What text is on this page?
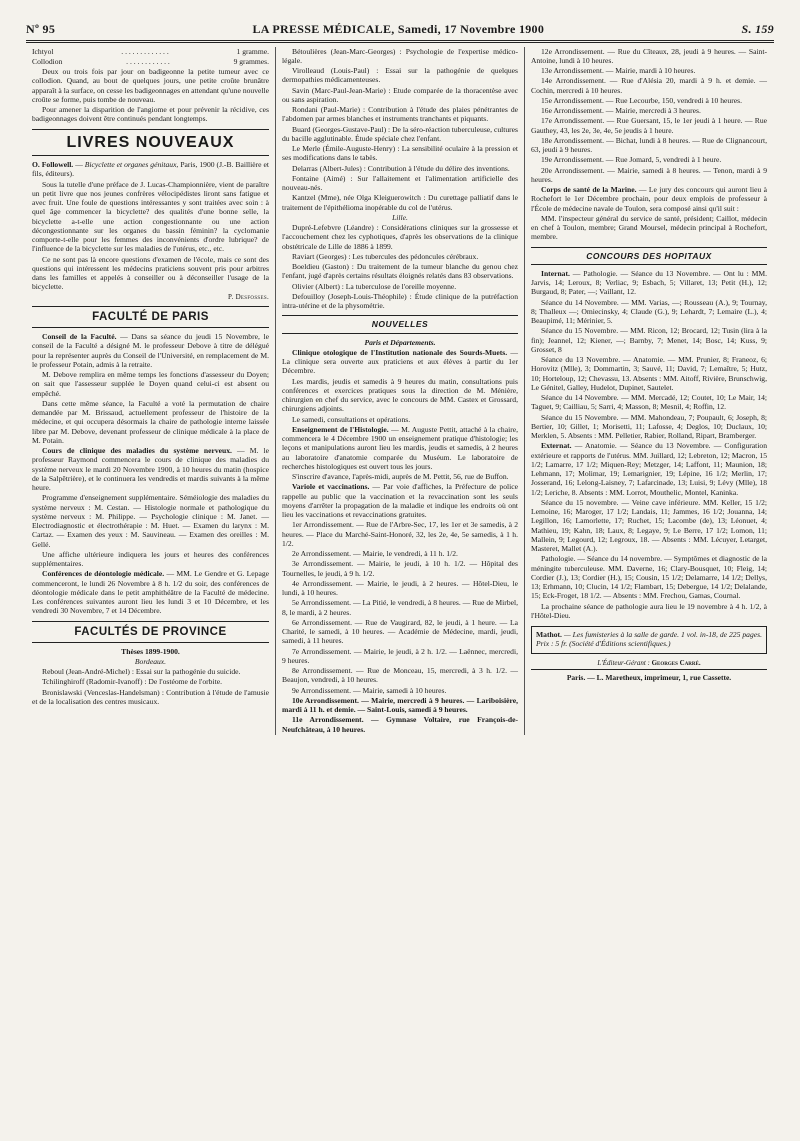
Nº 95	LA PRESSE MÉDICALE, Samedi, 17 Novembre 1900	S. 159

Ichtyol	. . . . . . . . . . . . .	1 gramme.

Collodion	. . . . . . . . . . . .	9 grammes.

Deux ou trois fois par jour on badigeonne la petite tumeur avec ce collodion. Quand, au bout de quelques jours, une petite croûte brunâtre apparaît à la surface, on cesse les badigeonnages en attendant qu'une nouvelle croûte se forme, puis tombe de nouveau.

Pour amener la disparition de l'angiome et pour prévenir la récidive, ces badigeonnages doivent être continués pendant longtemps.

LIVRES NOUVEAUX

O. Followell. — Bicyclette et organes génitaux, Paris, 1900 (J.-B. Baillière et fils, éditeurs).

Sous la tutelle d'une préface de J. Lucas-Championnière, vient de paraître un petit livre que nos jeunes confrères vélocipédistes liront sans fatigue et avec fruit. Une foule de questions intéressantes y sont traitées avec soin : à quel âge commencer la bicyclette? des qualités d'une bonne selle, la bicyclette a-t-elle une action congestionnante ou une action décongestionnante sur les organes du bassin féminin? la cyclomanie comporte-t-elle pour les femmes des inconvénients d'ordre lubrique? de l'influence de la bicyclette sur les maladies de l'utérus, etc., etc.

Ce ne sont pas là encore questions d'examen de l'école, mais ce sont des questions qui intéressent les médecins praticiens souvent pris pour arbitres dans les familles et appelés à conseiller ou à déconseiller l'usage de la bicyclette.

P. Desfosses.
FACULTÉ DE PARIS

Conseil de la Faculté. — Dans sa séance du jeudi 15 Novembre, le conseil de la Faculté a désigné M. le professeur Debove à titre de délégué pour la représenter auprès du Conseil de l'Université, en remplacement de M. le professeur Potain, admis à la retraite.

M. Debove remplira en même temps les fonctions d'assesseur du Doyen; on sait que l'assesseur supplée le Doyen quand celui-ci est absent ou empêché.

Dans cette même séance, la Faculté a voté la permutation de chaire demandée par M. Brissaud, actuellement professeur de l'histoire de la médecine, et qui occupera désormais la chaire de pathologie interne laissée libre par M. Debove, devenant professeur de clinique médicale à la place de M. Potain.

Cours de clinique des maladies du système nerveux. — M. le professeur Raymond commencera le cours de clinique des maladies du système nerveux le mardi 20 Novembre 1900, à 10 heures du matin (hospice de la Salpêtrière), et le continuera les vendredis et mardis suivants à la même heure.

Programme d'enseignement supplémentaire. Séméiologie des maladies du système nerveux : M. Cestan. — Histologie normale et pathologique du système nerveux : M. Philippe. — Psychologie clinique : M. Janet. — Electrodiagnostic et électrothérapie : M. Huet. — Examen du larynx : M. Cartaz. — Examen des yeux : M. Sauvineau. — Examen des oreilles : M. Gellé.

Une affiche ultérieure indiquera les jours et heures des conférences supplémentaires.

Conférences de déontologie médicale. — MM. Le Gendre et G. Lepage commenceront, le lundi 26 Novembre à 8 h. 1/2 du soir, des conférences de déontologie médicale dans le petit amphithéâtre de la Faculté de médecine. Les conférences suivantes auront lieu les lundi 3 et 10 Décembre, et les vendredi 30 Novembre, 7 et 14 Décembre.

FACULTÉS DE PROVINCE
Thèses 1899-1900.
Bordeaux.

Reboul (Jean-André-Michel) : Essai sur la pathogénie du suicide.

Tchilinghiroff (Radomir-Ivanoff) : De l'ostéome de l'orbite.

Bronislawski (Venceslas-Handelsman) : Contribution à l'étude de l'amusie et de la localisation des centres musicaux.

Bétoulières (Jean-Marc-Georges) : Psychologie de l'expertise médico-légale.

Virolleaud (Louis-Paul) : Essai sur la pathogénie de quelques dermopathies médicamenteuses.

Savin (Marc-Paul-Jean-Marie) : Etude comparée de la thoracentèse avec ou sans aspiration.

Rondani (Paul-Marie) : Contribution à l'étude des plaies pénétrantes de l'abdomen par armes blanches et instruments tranchants et piquants.

Buard (Georges-Gustave-Paul) : De la séro-réaction tuberculeuse, cultures du bacille agglutinable. Étude spéciale chez l'enfant.

Le Merle (Émile-Auguste-Henry) : La sensibilité oculaire à la pression et ses modifications dans le tabès.

Delarras (Albert-Jules) : Contribution à l'étude du délire des inventions.

Fontaine (Aimé) : Sur l'allaitement et l'alimentation artificielle des nouveau-nés.

Kantzel (Mme), née Olga Kleiguerowitch : Du curettage palliatif dans le traitement de l'épithélioma inopérable du col de l'utérus.

Lille.

Dupré-Lefebvre (Léandre) : Considérations cliniques sur la grossesse et l'accouchement chez les cyphotiques, d'après les observations de la clinique obstétricale de Lille de 1886 à 1899.

Raviart (Georges) : Les tubercules des pédoncules cérébraux.

Boeldieu (Gaston) : Du traitement de la tumeur blanche du genou chez l'enfant, jugé d'après certains résultats éloignés relatés dans 83 observations.

Olivier (Albert) : La tuberculose de l'oreille moyenne.

Defouilloy (Joseph-Louis-Théophile) : Étude clinique de la putréfaction intra-utérine et de la physométrie.

NOUVELLES
Paris et Départements.

Clinique otologique de l'Institution nationale des Sourds-Muets. — La clinique sera ouverte aux praticiens et aux élèves à partir du 1er Décembre.

Les mardis, jeudis et samedis à 9 heures du matin, consultations puis conférences et exercices pratiques sous la direction de M. Ménière, chirurgien en chef du service, avec le concours de MM. Castex et Grossard, chirurgiens adjoints.

Le samedi, consultations et opérations.

Enseignement de l'Histologie. — M. Auguste Pettit, attaché à la chaire, commencera le 4 Décembre 1900 un enseignement pratique d'histologie; les leçons et manipulations auront lieu les mardis, jeudis et samedis, à 2 heures au laboratoire d'anatomie comparée du Muséum. Le laboratoire de recherches histologiques est ouvert tous les jours.

S'inscrire d'avance, l'après-midi, auprès de M. Pettit, 56, rue de Buffon.

Variole et vaccinations. — Par voie d'affiches, la Préfecture de police rappelle au public que la vaccination et la revaccination sont les seuls moyens d'arrêter la propagation de la maladie et indique les endroits où ont lieu les vaccinations et revaccinations gratuites.

1er Arrondissement. — Rue de l'Arbre-Sec, 17, les 1er et 3e samedis, à 2 heures. — Place du Marché-Saint-Honoré, 32, les 2e, 4e, 5e samedis, à 1 h. 1/2.

2e Arrondissement. — Mairie, le vendredi, à 11 h. 1/2.

3e Arrondissement. — Mairie, le jeudi, à 10 h. 1/2. — Hôpital des Tournelles, le jeudi, à 9 h. 1/2.

4e Arrondissement. — Mairie, le jeudi, à 2 heures. — Hôtel-Dieu, le lundi, à 10 heures.

5e Arrondissement. — La Pitié, le vendredi, à 8 heures. — Rue de Mirbel, 8, le mardi, à 2 heures.

6e Arrondissement. — Rue de Vaugirard, 82, le jeudi, à 1 heure. — La Charité, le samedi, à 10 heures. — Académie de Médecine, mardi, jeudi, samedi, à 11 heures.

7e Arrondissement. — Mairie, le jeudi, à 2 h. 1/2. — Laënnec, mercredi, 9 heures.

8e Arrondissement. — Rue de Monceau, 15, mercredi, à 3 h. 1/2. — Beaujon, vendredi, à 10 heures.

9e Arrondissement. — Mairie, samedi à 10 heures.

10e Arrondissement. — Mairie, mercredi à 9 heures. — Lariboisière, mardi à 11 h. et demie. — Saint-Louis, samedi à 9 heures.

11e Arrondissement. — Gymnase Voltaire, rue François-de-Neufchâteau, à 10 heures.

12e Arrondissement. — Rue du Cîteaux, 28, jeudi à 9 heures. — Saint-Antoine, lundi à 10 heures.

13e Arrondissement. — Mairie, mardi à 10 heures.

14e Arrondissement. — Rue d'Alésia 20, mardi à 9 h. et demie. — Cochin, mercredi à 10 heures.

15e Arrondissement. — Rue Lecourbe, 150, vendredi à 10 heures.

16e Arrondissement. — Mairie, mercredi à 3 heures.

17e Arrondissement. — Rue Guersant, 15, le 1er jeudi à 1 heure. — Rue Gauthey, 43, les 2e, 3e, 4e, 5e jeudis à 1 heure.

18e Arrondissement. — Bichat, lundi à 8 heures. — Rue de Clignancourt, 63, jeudi à 9 heures.

19e Arrondissement. — Rue Jomard, 5, vendredi à 1 heure.

20e Arrondissement. — Mairie, samedi à 8 heures. — Tenon, mardi à 9 heures.

Corps de santé de la Marine. — Le jury des concours qui auront lieu à Rochefort le 1er Décembre prochain, pour deux emplois de professeur à l'École de médecine navale de Toulon, sera composé ainsi qu'il suit :

MM. l'inspecteur général du service de santé, président; Caillot, médecin en chef à Toulon, membre; Grand Moursel, médecin principal à Rochefort, membre.

CONCOURS DES HOPITAUX

Internat. — Pathologie. — Séance du 13 Novembre. — Ont lu : MM. Jarvis, 14; Leroux, 8; Verliac, 9; Esbach, 5; Villaret, 13; Petit (H.), 12; Burgaud, 8; Pater, —; Vaillant, 12.

Séance du 14 Novembre. — MM. Varias, —; Rousseau (A.), 9; Tournay, 8; Thalleux —; Omiecinsky, 4; Claude (G.), 9; Lehardt, 7; Lemaire (L.), 4; Beaupimé, 11; Mérinier, 5.

Séance du 15 Novembre. — MM. Ricon, 12; Brocard, 12; Tusin (lira à la fin); Jeannel, 12; Kiener, —; Barnby, 7; Menet, 14; Bosc, 14; Kuss, 9; Grosset, 8

Séance du 13 Novembre. — Anatomie. — MM. Prunier, 8; Franeoz, 6; Horovitz (Mlle), 3; Dommartin, 3; Sauvé, 11; David, 7; Lemaître, 5; Hutz, 10; Horteloup, 12; Chevassu, 13. Absents : MM. Aitoff, Rivière, Brunschwig, Le Génitel, Galley, Hudelot, Dupinet, Sautelet.

Séance du 14 Novembre. — MM. Mercadé, 12; Coutet, 10; Le Mair, 14; Taguet, 9; Cailliau, 5; Sarri, 4; Masson, 8; Mesnil, 4; Roffin, 12.

Séance du 15 Novembre. — MM. Mahondeau, 7; Poupault, 6; Joseph, 8; Bertier, 10; Gillet, 1; Morisetti, 11; Lafosse, 4; Deglos, 10; Duclaux, 10; Merklen, 5. Absents : MM. Pelletier, Rabier, Rolland, Ripart, Bramberger.

Externat. — Anatomie. — Séance du 13 Novembre. — Configuration extérieure et rapports de l'utérus. MM. Juillard, 12; Lebreton, 12; Macron, 15 1/2; Lamarre, 17 1/2; Miquen-Rey; Metzger, 14; Laffont, 11; Maunion, 18; Lehmann, 17; Molimar, 19; Lemarignier, 19; Lépine, 16 1/2; Merlin, 17; Josserand, 16; Lelong-Laisney, 7; Lafarcinade, 13; Luisi, 9; Lévy (Mlle), 18 1/2; Leriche, 8. Absents : MM. Lorrot, Mouthelic, Montel, Kaninka.

Séance du 15 novembre. — Veine cave inférieure. MM. Keller, 15 1/2; Lemoine, 16; Maroger, 17 1/2; Landais, 11; Jammes, 16 1/2; Jouanna, 14; Legillon, 16; Lamorlette, 17; Ruchet, 15; Lacombe (de), 13; Léonuet, 4; Mathieu, 19; Kahn, 18; Laux, 8; Legaye, 9; Le Berre, 17 1/2; Lomon, 11; Mallein, 9; Legourd, 12; Legroux, 18. — Absents : MM. Lécuyer, Letarget, Masteret, Mallet (A.).

Pathologie. — Séance du 14 novembre. — Symptômes et diagnostic de la méningite tuberculeuse. MM. Daverne, 16; Clary-Bousquet, 10; Fleig, 14; Cordier (J.), 13; Cordier (H.), 15; Cousin, 15 1/2; Delamarre, 14 1/2; Dellys, 13; Erhmann, 10; Clucin, 14 1/2; Flambart, 15; Debergue, 14 1/2; Delalande, 15; Eck-Froget, 18 1/2. — Absents : MM. Frechou, Gamas, Cournal.

La prochaine séance de pathologie aura lieu le 19 novembre à 4 h. 1/2, à l'Hôtel-Dieu.

Mathot. — Les fumisteries à la salle de garde. 1 vol. in-18, de 225 pages. Prix : 5 fr. (Société d'Éditions scientifiques.)

L'Éditeur-Gérant : Georges Carré.
Paris. — L. Maretheux, imprimeur, 1, rue Cassette.
